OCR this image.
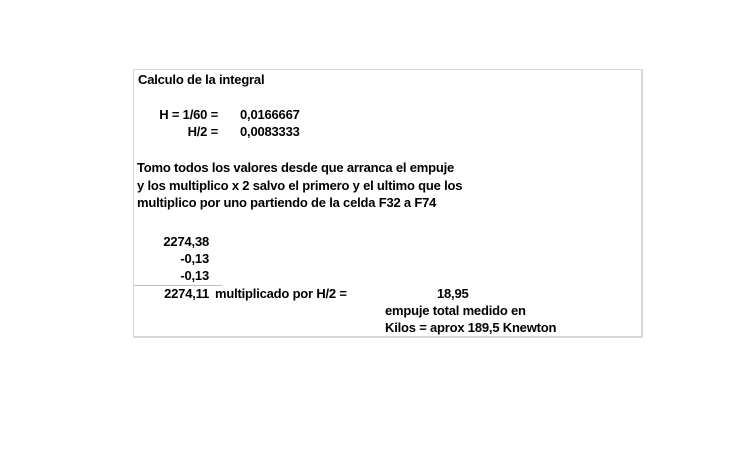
Calculo de la integral
H = 1/60 = 0,0166667
H/2 = 0,0083333
Tomo todos los valores desde que arranca el empuje
y los multiplico x 2 salvo el primero y el ultimo que los
multiplico por uno partiendo de la celda F32 a F74
2274,38
-0,13
-0,13
2274,11 multiplicado por H/2 =	18,95
empuje total medido en
Kilos = aprox 189,5 Knewton
